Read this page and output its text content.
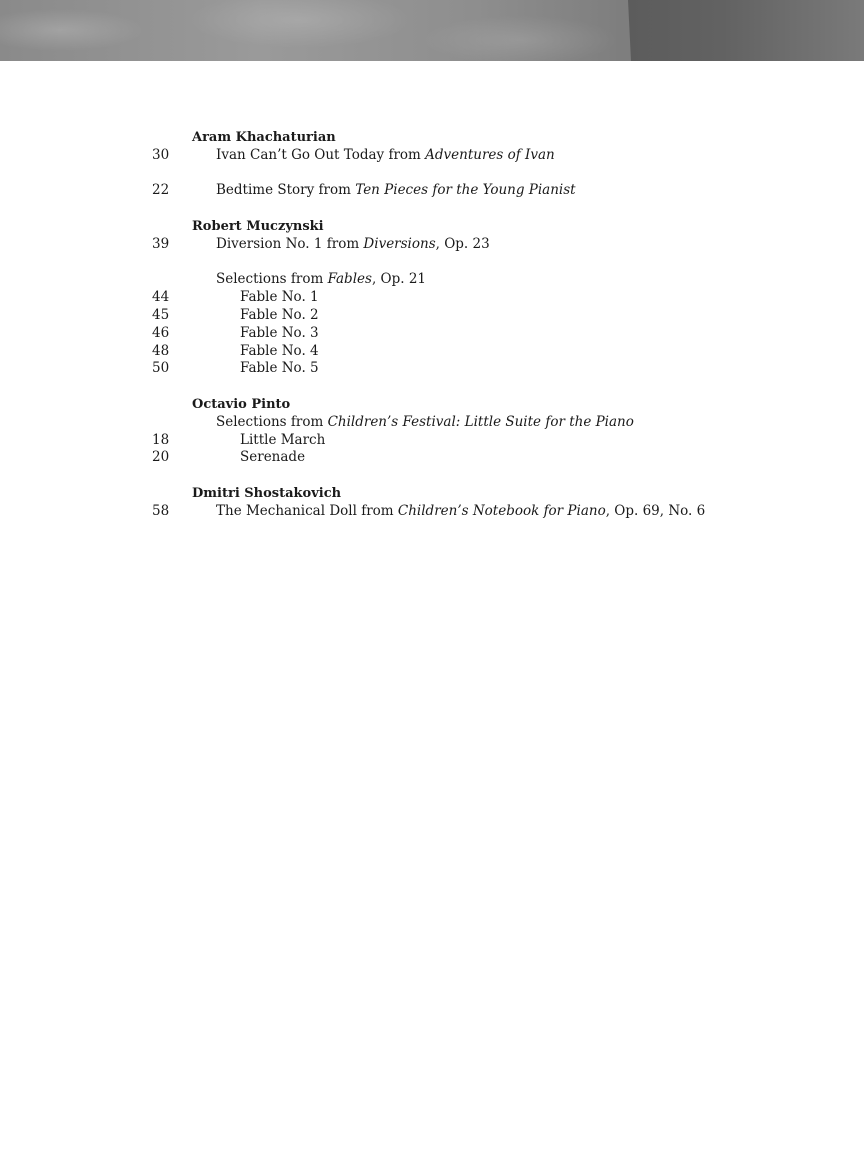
Aram Khachaturian
30	Ivan Can’t Go Out Today from Adventures of Ivan
22	Bedtime Story from Ten Pieces for the Young Pianist
Robert Muczynski
39	Diversion No. 1 from Diversions, Op. 23
Selections from Fables, Op. 21
44	Fable No. 1
45	Fable No. 2
46	Fable No. 3
48	Fable No. 4
50	Fable No. 5
Octavio Pinto
Selections from Children’s Festival: Little Suite for the Piano
18	Little March
20	Serenade
Dmitri Shostakovich
58	The Mechanical Doll from Children’s Notebook for Piano, Op. 69, No. 6
